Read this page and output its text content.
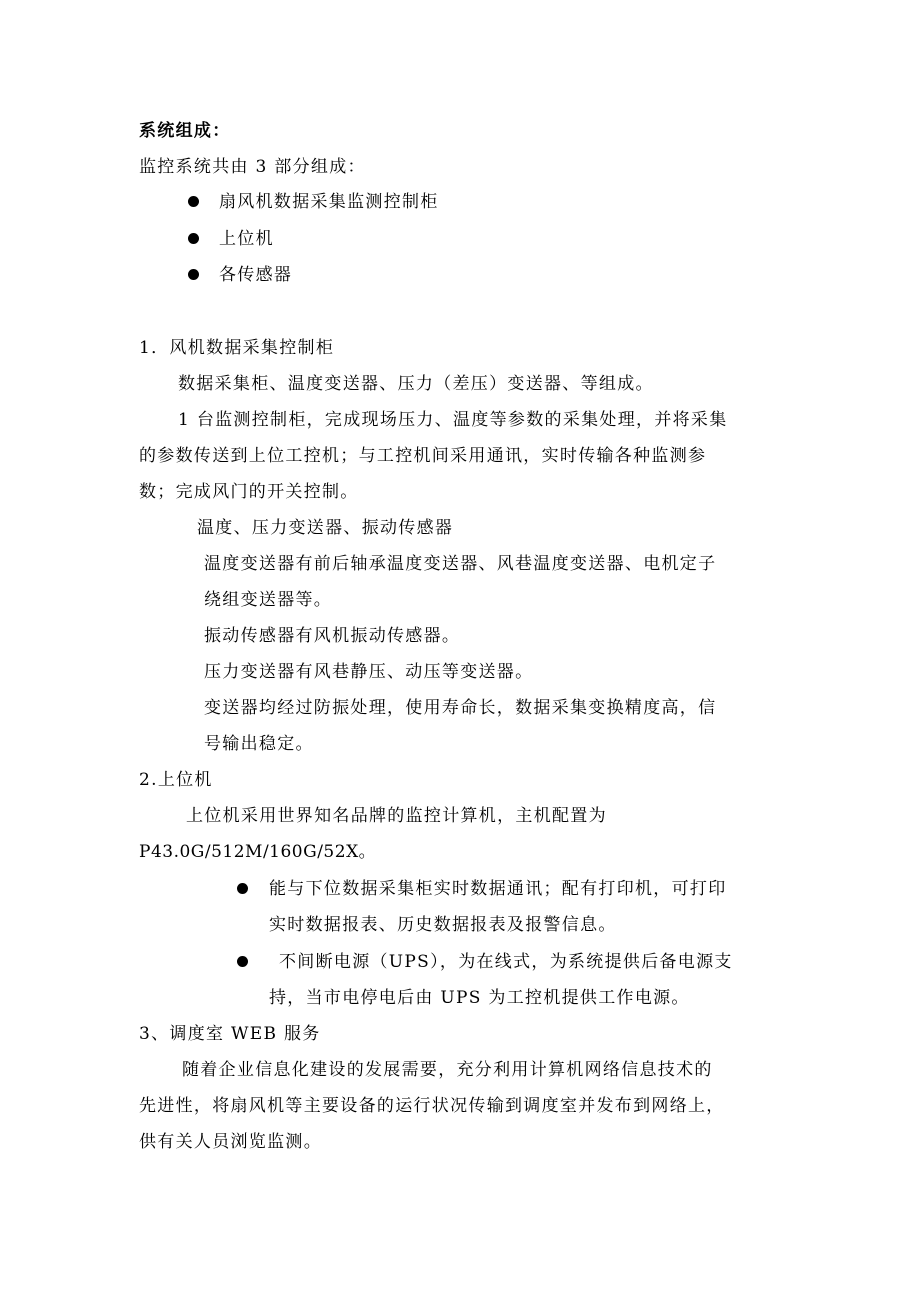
系统组成：
监控系统共由 3 部分组成：
扇风机数据采集监测控制柜
上位机
各传感器
1．风机数据采集控制柜
数据采集柜、温度变送器、压力（差压）变送器、等组成。
1 台监测控制柜，完成现场压力、温度等参数的采集处理，并将采集
的参数传送到上位工控机；与工控机间采用通讯，实时传输各种监测参
数；完成风门的开关控制。
温度、压力变送器、振动传感器
温度变送器有前后轴承温度变送器、风巷温度变送器、电机定子
绕组变送器等。
振动传感器有风机振动传感器。
压力变送器有风巷静压、动压等变送器。
变送器均经过防振处理，使用寿命长，数据采集变换精度高，信
号输出稳定。
2.上位机
上位机采用世界知名品牌的监控计算机，主机配置为
P43.0G/512M/160G/52X。
能与下位数据采集柜实时数据通讯；配有打印机，可打印
实时数据报表、历史数据报表及报警信息。
不间断电源（UPS），为在线式，为系统提供后备电源支
持，当市电停电后由 UPS 为工控机提供工作电源。
3、调度室 WEB 服务
随着企业信息化建设的发展需要，充分利用计算机网络信息技术的
先进性，将扇风机等主要设备的运行状况传输到调度室并发布到网络上，
供有关人员浏览监测。
